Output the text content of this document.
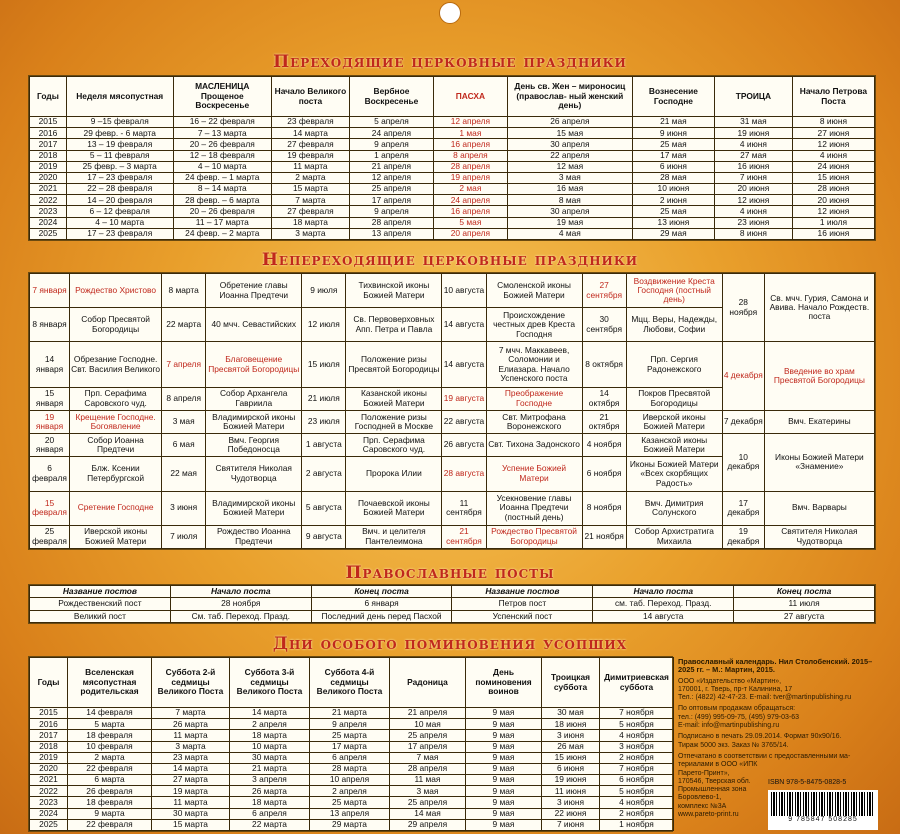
Переходящие церковные праздники
Годы	Неделя мясопустная	МАСЛЕНИЦА Прощеное Воскресенье	Начало Великого поста	Вербное Воскресенье	ПАСХА	День св. Жен – мироносиц (православ- ный женский день)	Вознесение Господне	ТРОИЦА	Начало Петрова Поста
2015	9 –15 февраля	16 – 22 февраля	23 февраля	5 апреля	12 апреля	26 апреля	21 мая	31 мая	8 июня
2016	29 февр. - 6 марта	7 – 13 марта	14 марта	24 апреля	1 мая	15 мая	9 июня	19 июня	27 июня
2017	13 – 19 февраля	20 – 26 февраля	27 февраля	9 апреля	16 апреля	30 апреля	25 мая	4 июня	12 июня
2018	5 – 11 февраля	12 – 18 февраля	19 февраля	1 апреля	8 апреля	22 апреля	17 мая	27 мая	4 июня
2019	25 февр. – 3 марта	4 – 10 марта	11 марта	21 апреля	28 апреля	12 мая	6 июня	16 июня	24 июня
2020	17 – 23 февраля	24 февр. – 1 марта	2 марта	12 апреля	19 апреля	3 мая	28 мая	7 июня	15 июня
2021	22 – 28 февраля	8 – 14 марта	15 марта	25 апреля	2 мая	16 мая	10 июня	20 июня	28 июня
2022	14 – 20 февраля	28 февр. – 6 марта	7 марта	17 апреля	24 апреля	8 мая	2 июня	12 июня	20 июня
2023	6 – 12 февраля	20 – 26 февраля	27 февраля	9 апреля	16 апреля	30 апреля	25 мая	4 июня	12 июня
2024	4 – 10 марта	11 – 17 марта	18 марта	28 апреля	5 мая	19 мая	13 июня	23 июня	1 июля
2025	17 – 23 февраля	24 февр. – 2 марта	3 марта	13 апреля	20 апреля	4 мая	29 мая	8 июня	16 июня
Непереходящие церковные праздники
7 января	Рождество Христово	8 марта	Обретение главы Иоанна Предтечи	9 июля	Тихвинской иконы Божией Матери	10 августа	Смоленской иконы Божией Матери	27 сентября	Воздвижение Креста Господня (постный день)	28 ноября	Св. мчч. Гурия, Самона и Авива. Начало Рождеств. поста
8 января	Собор Пресвятой Богородицы	22 марта	40 мчч. Севастийских	12 июля	Св. Первоверховных Апп. Петра и Павла	14 августа	Происхождение честных древ Креста Господня	30 сентября	Мцц. Веры, Надежды, Любови, Софии		
14 января	Обрезание Господне. Свт. Василия Великого	7 апреля	Благовещение Пресвятой Богородицы	15 июля	Положение ризы Пресвятой Богородицы	14 августа	7 мчч. Маккавеев, Соломонии и Елиазара. Начало Успенского поста	8 октября	Прп. Сергия Радонежского	4 декабря	Введение во храм Пресвятой Богородицы
15 января	Прп. Серафима Саровского чуд.	8 апреля	Собор Архангела Гавриила	21 июля	Казанской иконы Божией Матери	19 августа	Преображение Господне	14 октября	Покров Пресвятой Богородицы		
19 января	Крещение Господне. Богоявление	3 мая	Владимирской иконы Божией Матери	23 июля	Положение ризы Господней в Москве	22 августа	Свт. Митрофана Воронежского	21 октября	Иверской иконы Божией Матери	7 декабря	Вмч. Екатерины
20 января	Собор Иоанна Предтечи	6 мая	Вмч. Георгия Победоносца	1 августа	Прп. Серафима Саровского чуд.	26 августа	Свт. Тихона Задонского	4 ноября	Казанской иконы Божией Матери	10 декабря	Иконы Божией Матери «Знамение»
6 февраля	Блж. Ксении Петербургской	22 мая	Святителя Николая Чудотворца	2 августа	Пророка Илии	28 августа	Успение Божией Матери	6 ноября	Иконы Божией Матери «Всех скорбящих Радость»		
15 февраля	Сретение Господне	3 июня	Владимирской иконы Божией Матери	5 августа	Почаевской иконы Божией Матери	11 сентября	Усекновение главы Иоанна Предтечи (постный день)	8 ноября	Вмч. Димитрия Солунского	17 декабря	Вмч. Варвары
25 февраля	Иверской иконы Божией Матери	7 июля	Рождество Иоанна Предтечи	9 августа	Вмч. и целителя Пантелеимона	21 сентября	Рождество Пресвятой Богородицы	21 ноября	Собор Архистратига Михаила	19 декабря	Святителя Николая Чудотворца
Православные посты
Название постов	Начало поста	Конец поста	Название постов	Начало поста	Конец поста
Рождественский пост	28 ноября	6 января	Петров пост	см. таб. Переход. Празд.	11 июля
Великий пост	См. таб. Переход. Празд.	Последний день перед Пасхой	Успенский пост	14 августа	27 августа
Дни особого поминовения усопших
Годы	Вселенская мясопустная родительская	Суббота 2-й седмицы Великого Поста	Суббота 3-й седмицы Великого Поста	Суббота 4-й седмицы Великого Поста	Радоница	День поминовения воинов	Троицкая суббота	Димитриевская суббота
2015	14 февраля	7 марта	14 марта	21 марта	21 апреля	9 мая	30 мая	7 ноября
2016	5 марта	26 марта	2 апреля	9 апреля	10 мая	9 мая	18 июня	5 ноября
2017	18 февраля	11 марта	18 марта	25 марта	25 апреля	9 мая	3 июня	4 ноября
2018	10 февраля	3 марта	10 марта	17 марта	17 апреля	9 мая	26 мая	3 ноября
2019	2 марта	23 марта	30 марта	6 апреля	7 мая	9 мая	15 июня	2 ноября
2020	22 февраля	14 марта	21 марта	28 марта	28 апреля	9 мая	6 июня	7 ноября
2021	6 марта	27 марта	3 апреля	10 апреля	11 мая	9 мая	19 июня	6 ноября
2022	26 февраля	19 марта	26 марта	2 апреля	3 мая	9 мая	11 июня	5 ноября
2023	18 февраля	11 марта	18 марта	25 марта	25 апреля	9 мая	3 июня	4 ноября
2024	9 марта	30 марта	6 апреля	13 апреля	14 мая	9 мая	22 июня	2 ноября
2025	22 февраля	15 марта	22 марта	29 марта	29 апреля	9 мая	7 июня	1 ноября
Православный календарь. Нил Столобенский. 2015–2025 гг. – М.: Мартин, 2015.
ООО «Издательство «Мартин»,
170001, г. Тверь, пр-т Калинина, 17
Тел.: (4822) 42-47-23. E-mail: tver@martinpublishing.ru
По оптовым продажам обращаться:
тел.: (499) 995-09-75, (495) 979-03-63
E-mail: info@martinpublishing.ru
Подписано в печать 29.09.2014. Формат 90х90/16.
Тираж 5000 экз. Заказ № 3765/14.
Отпечатано в соответствии с предоставленными ма-
териалами в ООО «ИПК
Парето-Принт»,
170546, Тверская обл.
Промышленная зона
Боровлево-1,
комплекс №3А
www.pareto-print.ru
ISBN 978-5-8475-0828-5
9 785847 508285
